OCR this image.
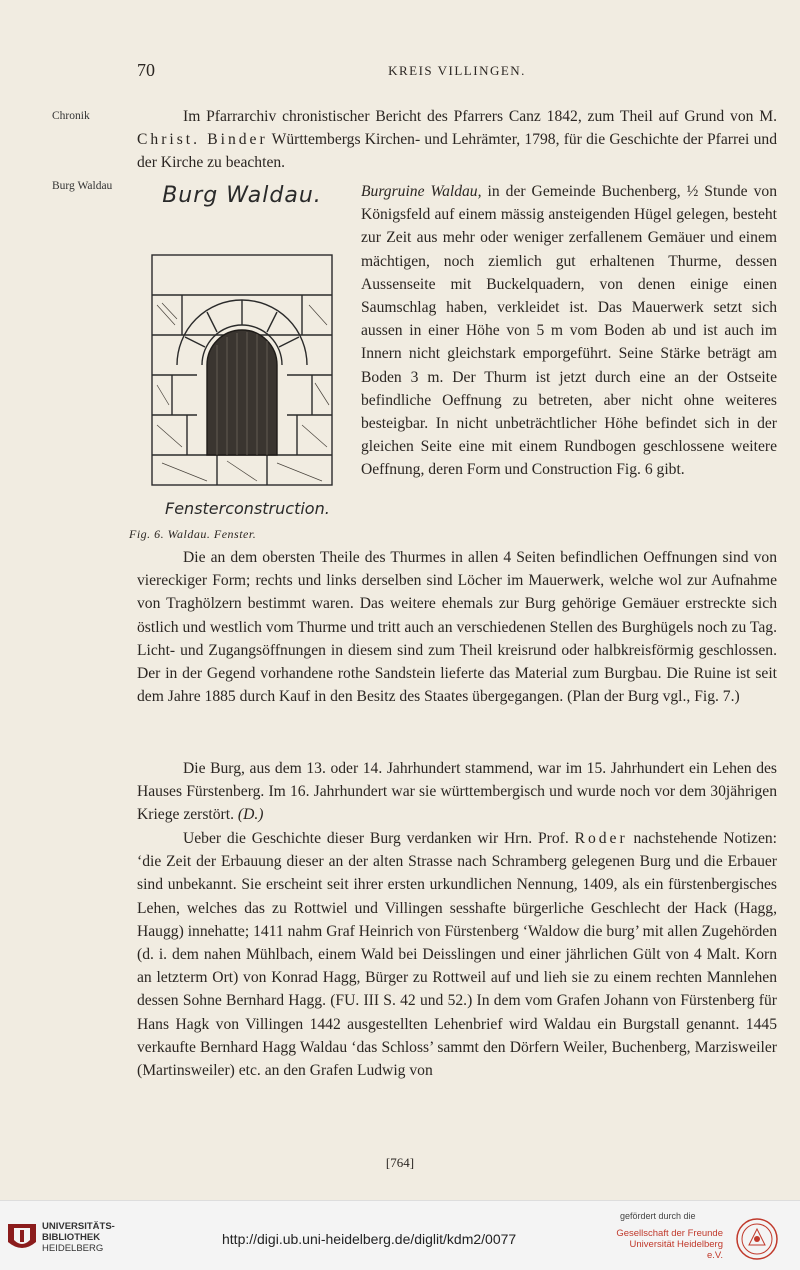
70	KREIS VILLINGEN.
Chronik
Burg Waldau

Im Pfarrarchiv chronistischer Bericht des Pfarrers Canz 1842, zum Theil auf Grund von M. Christ. Binder Württembergs Kirchen- und Lehrämter, 1798, für die Geschichte der Pfarrei und der Kirche zu beachten.

Burg Waldau.
Fensterconstruction.
Fig. 6. Waldau. Fenster.

Burgruine Waldau, in der Gemeinde Buchenberg, ½ Stunde von Königsfeld auf einem mässig ansteigenden Hügel gelegen, besteht zur Zeit aus mehr oder weniger zerfallenem Gemäuer und einem mächtigen, noch ziemlich gut erhaltenen Thurme, dessen Aussenseite mit Buckelquadern, von denen einige einen Saumschlag haben, verkleidet ist. Das Mauerwerk setzt sich aussen in einer Höhe von 5 m vom Boden ab und ist auch im Innern nicht gleichstark emporgeführt. Seine Stärke beträgt am Boden 3 m. Der Thurm ist jetzt durch eine an der Ostseite befindliche Oeffnung zu betreten, aber nicht ohne weiteres besteigbar. In nicht unbeträchtlicher Höhe befindet sich in der gleichen Seite eine mit einem Rundbogen geschlossene weitere Oeffnung, deren Form und Construction Fig. 6 gibt.

Die an dem obersten Theile des Thurmes in allen 4 Seiten befindlichen Oeffnungen sind von viereckiger Form; rechts und links derselben sind Löcher im Mauerwerk, welche wol zur Aufnahme von Traghölzern bestimmt waren. Das weitere ehemals zur Burg gehörige Gemäuer erstreckte sich östlich und westlich vom Thurme und tritt auch an verschiedenen Stellen des Burghügels noch zu Tag. Licht- und Zugangsöffnungen in diesem sind zum Theil kreisrund oder halbkreisförmig geschlossen. Der in der Gegend vorhandene rothe Sandstein lieferte das Material zum Burgbau. Die Ruine ist seit dem Jahre 1885 durch Kauf in den Besitz des Staates übergegangen. (Plan der Burg vgl., Fig. 7.)

Die Burg, aus dem 13. oder 14. Jahrhundert stammend, war im 15. Jahrhundert ein Lehen des Hauses Fürstenberg. Im 16. Jahrhundert war sie württembergisch und wurde noch vor dem 30jährigen Kriege zerstört. (D.)

Ueber die Geschichte dieser Burg verdanken wir Hrn. Prof. Roder nachstehende Notizen: ‘die Zeit der Erbauung dieser an der alten Strasse nach Schramberg gelegenen Burg und die Erbauer sind unbekannt. Sie erscheint seit ihrer ersten urkundlichen Nennung, 1409, als ein fürstenbergisches Lehen, welches das zu Rottwiel und Villingen sesshafte bürgerliche Geschlecht der Hack (Hagg, Haugg) innehatte; 1411 nahm Graf Heinrich von Fürstenberg ‘Waldow die burg’ mit allen Zugehörden (d. i. dem nahen Mühlbach, einem Wald bei Deisslingen und einer jährlichen Gült von 4 Malt. Korn an letzterm Ort) von Konrad Hagg, Bürger zu Rottweil auf und lieh sie zu einem rechten Mannlehen dessen Sohne Bernhard Hagg. (FU. III S. 42 und 52.) In dem vom Grafen Johann von Fürstenberg für Hans Hagk von Villingen 1442 ausgestellten Lehenbrief wird Waldau ein Burgstall genannt. 1445 verkaufte Bernhard Hagg Waldau ‘das Schloss’ sammt den Dörfern Weiler, Buchenberg, Marzisweiler (Martinsweiler) etc. an den Grafen Ludwig von

[764]
UNIVERSITÄTS-
BIBLIOTHEK
HEIDELBERG
http://digi.ub.uni-heidelberg.de/diglit/kdm2/0077
gefördert durch die
Gesellschaft der Freunde
Universität Heidelberg e.V.
